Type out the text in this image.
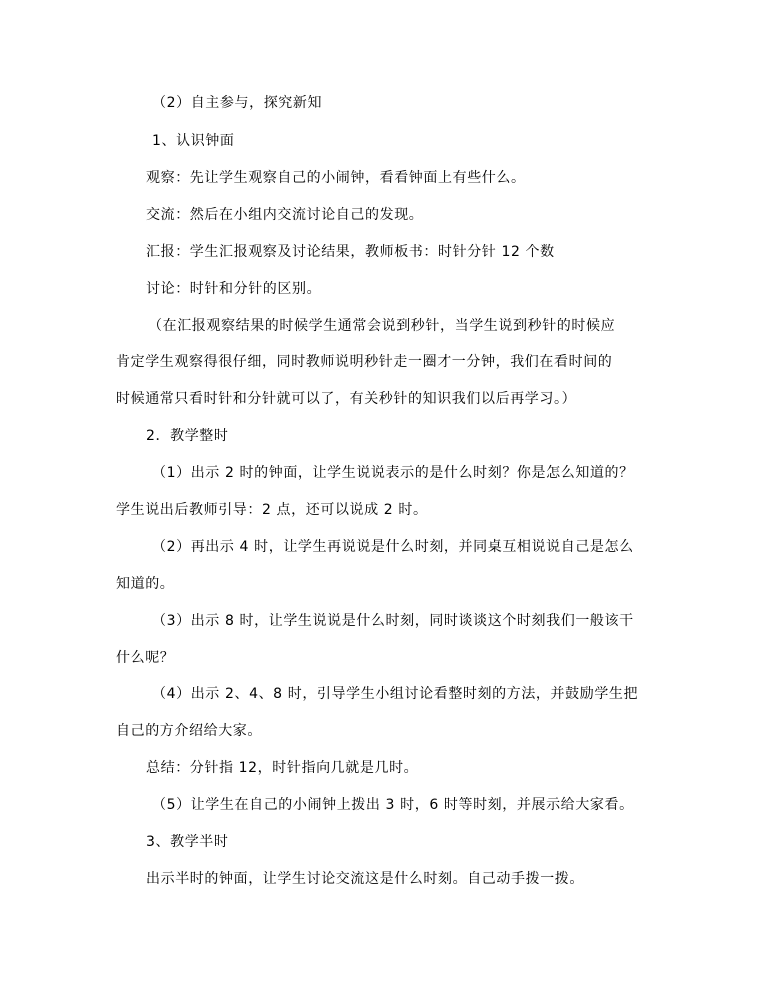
（2）自主参与，探究新知
1、认识钟面
观察：先让学生观察自己的小闹钟，看看钟面上有些什么。
交流：然后在小组内交流讨论自己的发现。
汇报：学生汇报观察及讨论结果，教师板书：时针分针 12 个数
讨论：时针和分针的区别。
（在汇报观察结果的时候学生通常会说到秒针，当学生说到秒针的时候应
肯定学生观察得很仔细，同时教师说明秒针走一圈才一分钟，我们在看时间的
时候通常只看时针和分针就可以了，有关秒针的知识我们以后再学习。）
2．教学整时
（1）出示 2 时的钟面，让学生说说表示的是什么时刻？你是怎么知道的？
学生说出后教师引导：2 点，还可以说成 2 时。
（2）再出示 4 时，让学生再说说是什么时刻，并同桌互相说说自己是怎么
知道的。
（3）出示 8 时，让学生说说是什么时刻，同时谈谈这个时刻我们一般该干
什么呢？
（4）出示 2、4、8 时，引导学生小组讨论看整时刻的方法，并鼓励学生把
自己的方介绍给大家。
总结：分针指 12，时针指向几就是几时。
（5）让学生在自己的小闹钟上拨出 3 时，6 时等时刻，并展示给大家看。
3、教学半时
出示半时的钟面，让学生讨论交流这是什么时刻。自己动手拨一拨。
